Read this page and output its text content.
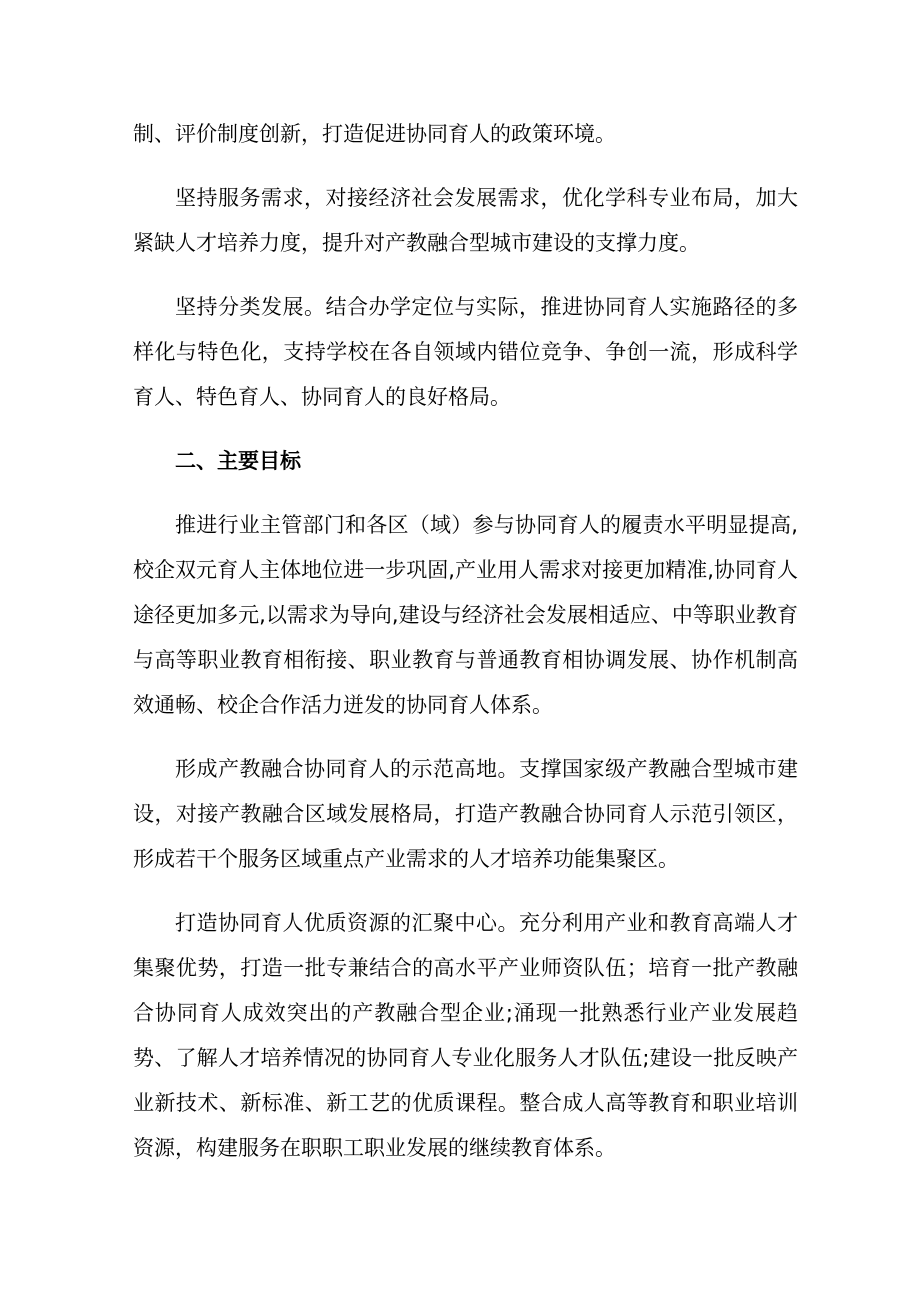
制、评价制度创新，打造促进协同育人的政策环境。

坚持服务需求，对接经济社会发展需求，优化学科专业布局，加大紧缺人才培养力度，提升对产教融合型城市建设的支撑力度。

坚持分类发展。结合办学定位与实际，推进协同育人实施路径的多样化与特色化，支持学校在各自领域内错位竞争、争创一流，形成科学育人、特色育人、协同育人的良好格局。

二、主要目标

推进行业主管部门和各区（域）参与协同育人的履责水平明显提高,校企双元育人主体地位进一步巩固,产业用人需求对接更加精准,协同育人途径更加多元,以需求为导向,建设与经济社会发展相适应、中等职业教育与高等职业教育相衔接、职业教育与普通教育相协调发展、协作机制高效通畅、校企合作活力迸发的协同育人体系。

形成产教融合协同育人的示范高地。支撑国家级产教融合型城市建设，对接产教融合区域发展格局，打造产教融合协同育人示范引领区，形成若干个服务区域重点产业需求的人才培养功能集聚区。

打造协同育人优质资源的汇聚中心。充分利用产业和教育高端人才集聚优势，打造一批专兼结合的高水平产业师资队伍；培育一批产教融合协同育人成效突出的产教融合型企业;涌现一批熟悉行业产业发展趋势、了解人才培养情况的协同育人专业化服务人才队伍;建设一批反映产业新技术、新标准、新工艺的优质课程。整合成人高等教育和职业培训资源，构建服务在职职工职业发展的继续教育体系。
